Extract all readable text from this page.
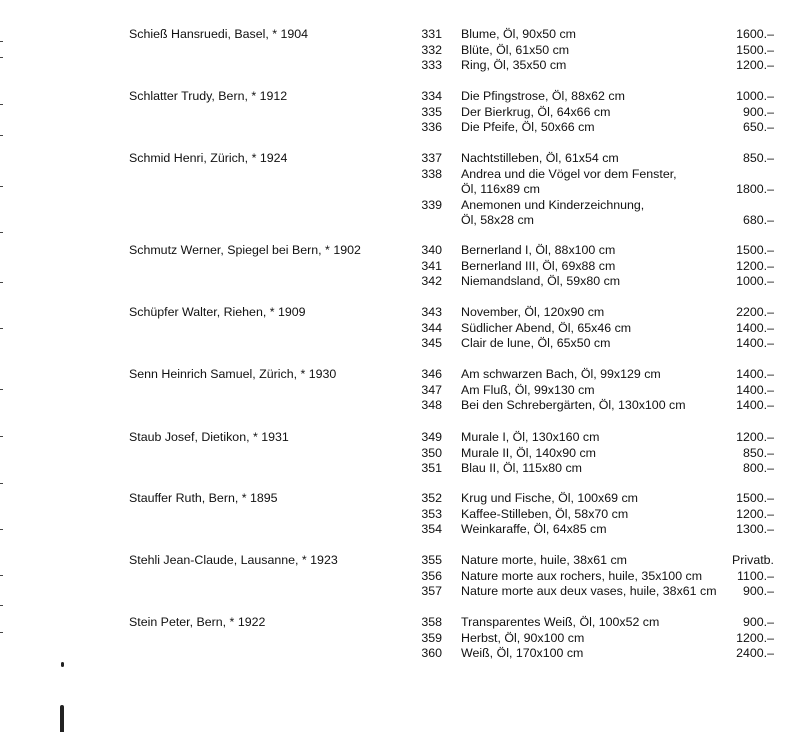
Schieß Hansruedi, Basel, * 1904	331 Blume, Öl, 90x50 cm	1600.–
332 Blüte, Öl, 61x50 cm	1500.–
333 Ring, Öl, 35x50 cm	1200.–
Schlatter Trudy, Bern, * 1912	334 Die Pfingstrose, Öl, 88x62 cm	1000.–
335 Der Bierkrug, Öl, 64x66 cm	900.–
336 Die Pfeife, Öl, 50x66 cm	650.–
Schmid Henri, Zürich, * 1924	337 Nachtstilleben, Öl, 61x54 cm	850.–
338 Andrea und die Vögel vor dem Fenster,
Öl, 116x89 cm	1800.–
339 Anemonen und Kinderzeichnung,
Öl, 58x28 cm	680.–
Schmutz Werner, Spiegel bei Bern, * 1902	340 Bernerland I, Öl, 88x100 cm	1500.–
341 Bernerland III, Öl, 69x88 cm	1200.–
342 Niemandsland, Öl, 59x80 cm	1000.–
Schüpfer Walter, Riehen, * 1909	343 November, Öl, 120x90 cm	2200.–
344 Südlicher Abend, Öl, 65x46 cm	1400.–
345 Clair de lune, Öl, 65x50 cm	1400.–
Senn Heinrich Samuel, Zürich, * 1930	346 Am schwarzen Bach, Öl, 99x129 cm	1400.–
347 Am Fluß, Öl, 99x130 cm	1400.–
348 Bei den Schrebergärten, Öl, 130x100 cm	1400.–
Staub Josef, Dietikon, * 1931	349 Murale I, Öl, 130x160 cm	1200.–
350 Murale II, Öl, 140x90 cm	850.–
351 Blau II, Öl, 115x80 cm	800.–
Stauffer Ruth, Bern, * 1895	352 Krug und Fische, Öl, 100x69 cm	1500.–
353 Kaffee-Stilleben, Öl, 58x70 cm	1200.–
354 Weinkaraffe, Öl, 64x85 cm	1300.–
Stehli Jean-Claude, Lausanne, * 1923	355 Nature morte, huile, 38x61 cm	Privatb.
356 Nature morte aux rochers, huile, 35x100 cm	1100.–
357 Nature morte aux deux vases, huile, 38x61 cm 900.–
Stein Peter, Bern, * 1922	358 Transparentes Weiß, Öl, 100x52 cm	900.–
359 Herbst, Öl, 90x100 cm	1200.–
360 Weiß, Öl, 170x100 cm	2400.–
